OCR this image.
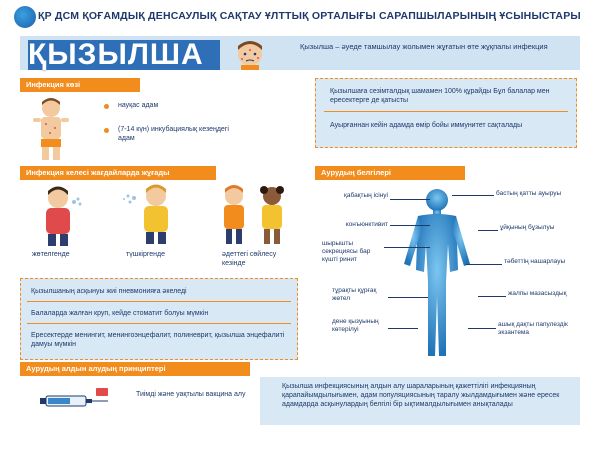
ҚР ДСМ ҚОҒАМДЫҚ ДЕНСАУЛЫҚ САҚТАУ ҰЛТТЫҚ ОРТАЛЫҒЫ САРАПШЫЛАРЫНЫҢ ҰСЫНЫСТАРЫ
ҚЫЗЫЛША	Қызылша – әуеде тамшылау жолымен жұғатын өте жұқпалы инфекция
Инфекция көзі
науқас адам
(7-14 күн) инкубациялық кезеңдегі адам
Қызылшаға сезімталдық шамамен 100% құрайды Бұл балалар мен ересектерге де қатысты
Ауырғаннан кейін адамда өмір бойы иммунитет сақталады
Инфекция келесі жағдайларда жұғады
жөтелгенде	түшкіргенде	әдеттегі сөйлесу кезінде
Қызылшаның асқынуы жиі пневмонияға әкеледі
Балаларда жалған круп, кейде стоматит болуы мүмкін
Ересектерде менингит, менингоэнцефалит, полиневрит, қызылша энцефалиті дамуы мүмкін
Аурудың белгілері
қабақтың ісінуі
конъюнктивит
шырышты секрецияcы бар күшті ринит
тұрақты құрғақ жөтел
дене қызуының көтерілуі
бастың қатты ауыруы
ұйқының бұзылуы
тәбеттің нашарлауы
жалпы мазасыздық
ашық дақты папулездік экзантема
Аурудың алдын алудың принциптері
Тиімді және уақтылы вакцина алу
Қызылша инфекциясының алдын алу шараларының қажеттілігі инфекцияның қарапайымдылығымен, адам популяциясының таралу жылдамдығымен және ересек адамдарда асқынулардың белгілі бір ықтималдылығымен анықталады
